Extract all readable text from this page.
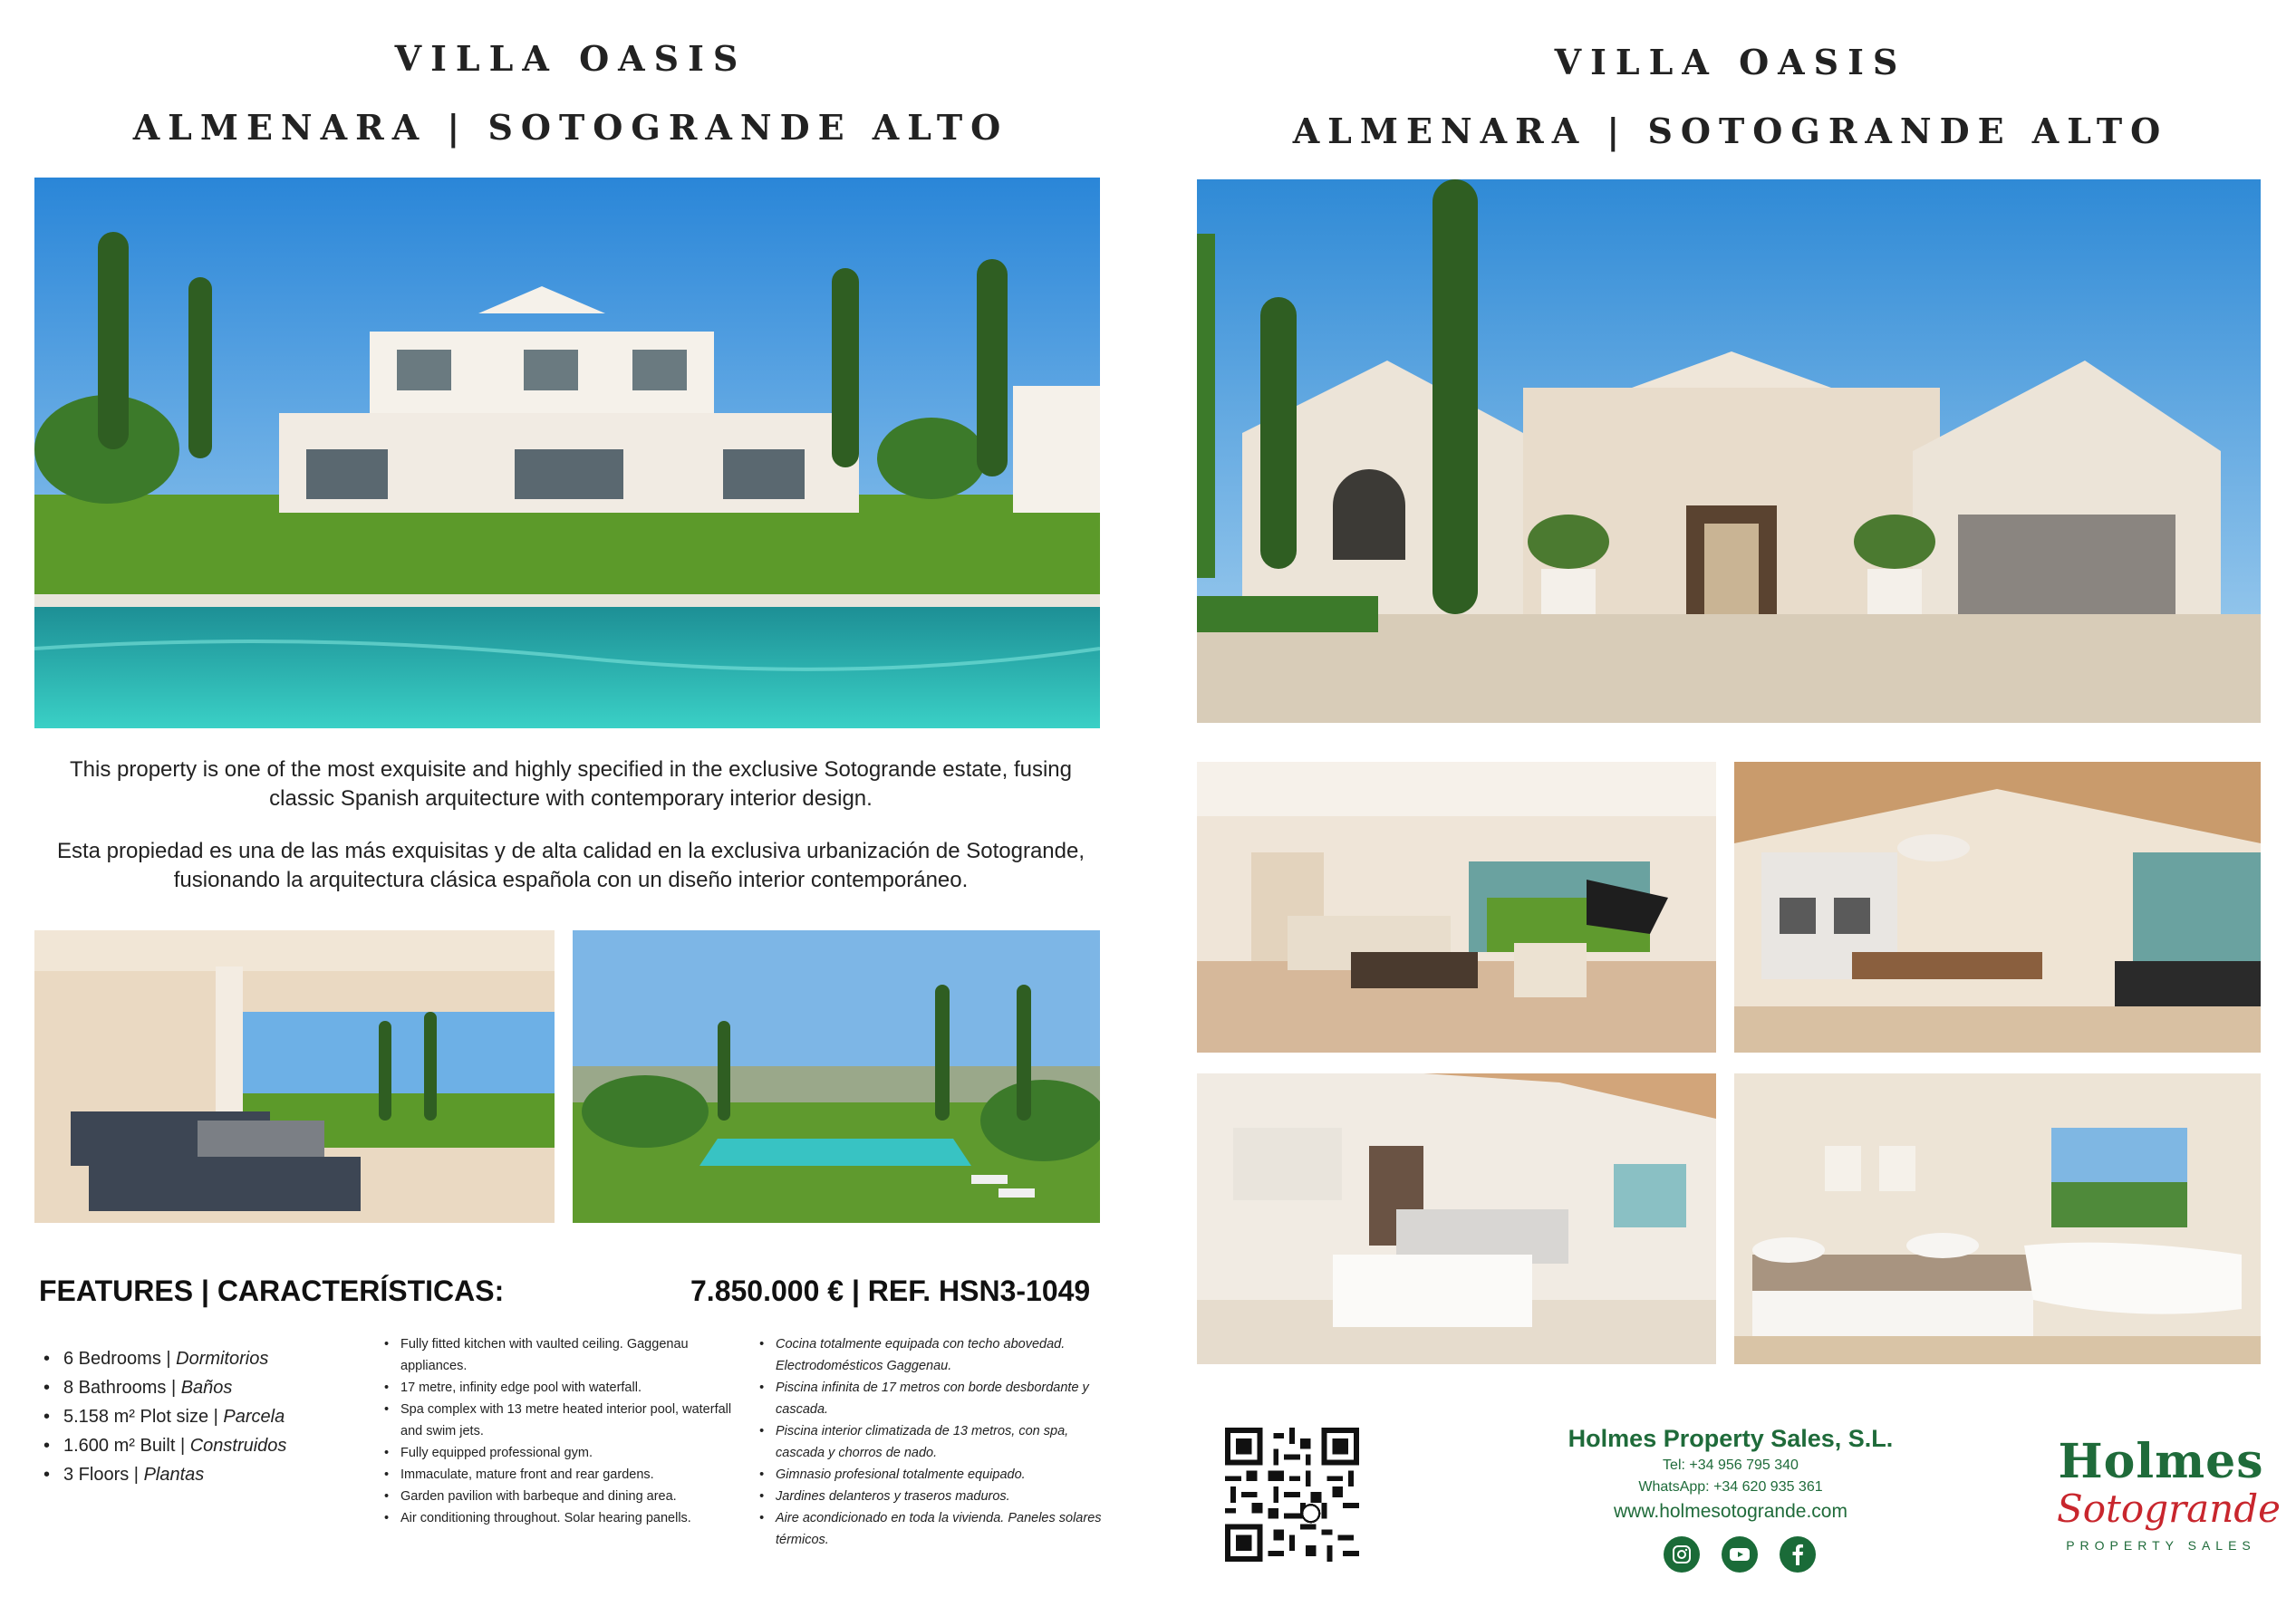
VILLA OASIS
ALMENARA | SOTOGRANDE ALTO
This property is one of the most exquisite and highly specified in the exclusive Sotogrande estate, fusing classic Spanish arquitecture with contemporary interior design.
Esta propiedad es una de las más exquisitas y de alta calidad en la exclusiva urbanización de Sotogrande, fusionando la arquitectura clásica española con un diseño interior contemporáneo.
FEATURES | CARACTERÍSTICAS:	7.850.000 € | REF. HSN3-1049
• 6 Bedrooms | Dormitorios
• 8 Bathrooms | Baños
• 5.158 m² Plot size | Parcela
• 1.600 m² Built | Construidos
• 3 Floors | Plantas
• Fully fitted kitchen with vaulted ceiling. Gaggenau appliances.
• 17 metre, infinity edge pool with waterfall.
• Spa complex with 13 metre heated interior pool, waterfall and swim jets.
• Fully equipped professional gym.
• Immaculate, mature front and rear gardens.
• Garden pavilion with barbeque and dining area.
• Air conditioning throughout. Solar hearing panells.
• Cocina totalmente equipada con techo abovedad. Electrodomésticos Gaggenau.
• Piscina infinita de 17 metros con borde desbordante y cascada.
• Piscina interior climatizada de 13 metros, con spa, cascada y chorros de nado.
• Gimnasio profesional totalmente equipado.
• Jardines delanteros y traseros maduros.
• Aire acondicionado en toda la vivienda. Paneles solares térmicos.
VILLA OASIS
ALMENARA | SOTOGRANDE ALTO
Holmes Property Sales, S.L.
Tel: +34 956 795 340
WhatsApp: +34 620 935 361
www.holmesotogrande.com
Holmes
Sotogrande
PROPERTY SALES
